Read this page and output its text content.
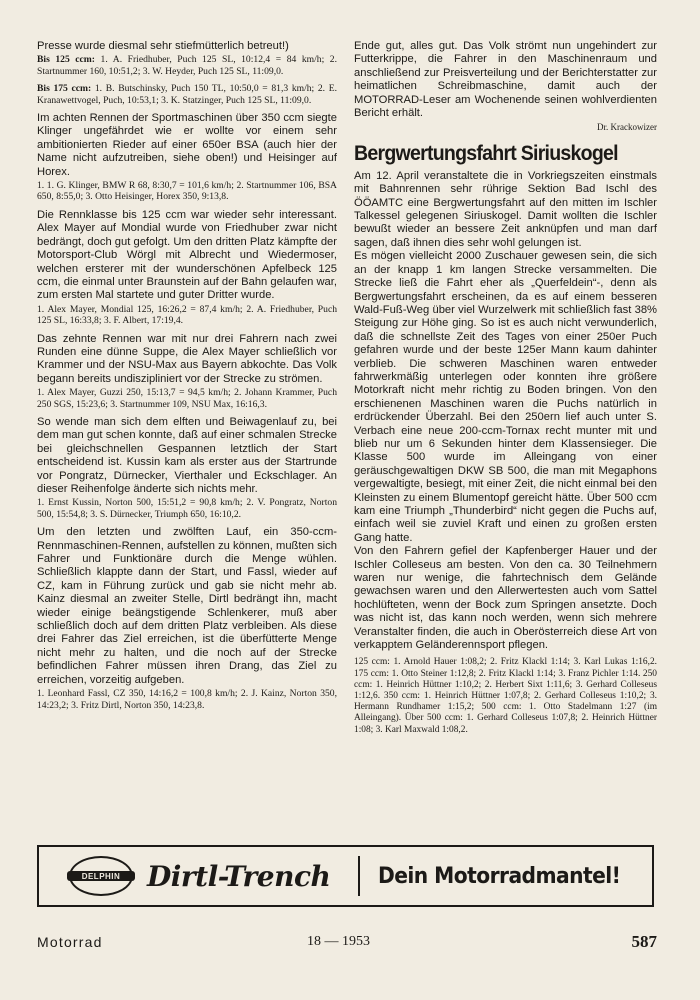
Presse wurde diesmal sehr stiefmütterlich betreut!)

Bis 125 ccm: 1. A. Friedhuber, Puch 125 SL, 10:12,4 = 84 km/h; 2. Startnummer 160, 10:51,2; 3. W. Heyder, Puch 125 SL, 11:09,0.

Bis 175 ccm: 1. B. Butschinsky, Puch 150 TL, 10:50,0 = 81,3 km/h; 2. E. Kranawettvogel, Puch, 10:53,1; 3. K. Statzinger, Puch 125 SL, 11:09,0.

Im achten Rennen der Sportmaschinen über 350 ccm siegte Klinger ungefährdet wie er wollte vor einem sehr ambitionierten Rieder auf einer 650er BSA (auch hier der Name nicht aufzutreiben, siehe oben!) und Heisinger auf Horex.

1. 1. G. Klinger, BMW R 68, 8:30,7 = 101,6 km/h; 2. Startnummer 106, BSA 650, 8:55,0; 3. Otto Heisinger, Horex 350, 9:13,8.

Die Rennklasse bis 125 ccm war wieder sehr interessant. Alex Mayer auf Mondial wurde von Friedhuber zwar nicht bedrängt, doch gut gefolgt. Um den dritten Platz kämpfte der Motorsport-Club Wörgl mit Albrecht und Wiedermoser, welchen ersterer mit der wunderschönen Apfelbeck 125 ccm, die einmal unter Braunstein auf der Bahn gelaufen war, zum ersten Mal startete und guter Dritter wurde.

1. Alex Mayer, Mondial 125, 16:26,2 = 87,4 km/h; 2. A. Friedhuber, Puch 125 SL, 16:33,8; 3. F. Albert, 17:19,4.

Das zehnte Rennen war mit nur drei Fahrern nach zwei Runden eine dünne Suppe, die Alex Mayer schließlich vor Krammer und der NSU-Max aus Bayern abkochte. Das Volk begann bereits undiszipliniert vor der Strecke zu strömen.

1. Alex Mayer, Guzzi 250, 15:13,7 = 94,5 km/h; 2. Johann Krammer, Puch 250 SGS, 15:23,6; 3. Startnummer 109, NSU Max, 16:16,3.

So wende man sich dem elften und Beiwagenlauf zu, bei dem man gut schen konnte, daß auf einer schmalen Strecke bei gleichschnellen Gespannen letztlich der Start entscheidend ist. Kussin kam als erster aus der Startrunde vor Pongratz, Dürnecker, Vierthaler und Eckschlager. An dieser Reihenfolge änderte sich nichts mehr.

1. Ernst Kussin, Norton 500, 15:51,2 = 90,8 km/h; 2. V. Pongratz, Norton 500, 15:54,8; 3. S. Dürnecker, Triumph 650, 16:10,2.

Um den letzten und zwölften Lauf, ein 350-ccm-Rennmaschinen-Rennen, aufstellen zu können, mußten sich Fahrer und Funktionäre durch die Menge wühlen. Schließlich klappte dann der Start, und Fassl, wieder auf CZ, kam in Führung zurück und gab sie nicht mehr ab. Kainz diesmal an zweiter Stelle, Dirtl bedrängt ihn, macht wieder einige beängstigende Schlenkerer, muß aber schließlich doch auf dem dritten Platz verbleiben. Als diese drei Fahrer das Ziel erreichen, ist die überfütterte Menge nicht mehr zu halten, und die noch auf der Strecke befindlichen Fahrer müssen ihren Drang, das Ziel zu erreichen, vorzeitig aufgeben.

1. Leonhard Fassl, CZ 350, 14:16,2 = 100,8 km/h; 2. J. Kainz, Norton 350, 14:23,2; 3. Fritz Dirtl, Norton 350, 14:23,8.

Ende gut, alles gut. Das Volk strömt nun ungehindert zur Futterkrippe, die Fahrer in den Maschinenraum und anschließend zur Preisverteilung und der Berichterstatter zur heimatlichen Schreibmaschine, damit auch der MOTORRAD-Leser am Wochenende seinen wohlverdienten Bericht erhält.

Dr. Krackowizer

Bergwertungsfahrt Siriuskogel

Am 12. April veranstaltete die in Vorkriegszeiten einstmals mit Bahnrennen sehr rührige Sektion Bad Ischl des ÖÖAMTC eine Bergwertungsfahrt auf den mitten im Ischler Talkessel gelegenen Siriuskogel. Damit wollten die Ischler bewußt wieder an bessere Zeit anknüpfen und man darf sagen, daß ihnen dies sehr wohl gelungen ist.

Es mögen vielleicht 2000 Zuschauer gewesen sein, die sich an der knapp 1 km langen Strecke versammelten. Die Strecke ließ die Fahrt eher als „Querfeldein“-, denn als Bergwertungsfahrt erscheinen, da es auf einem besseren Wald-Fuß-Weg über viel Wurzelwerk mit schließlich fast 38% Steigung zur Höhe ging. So ist es auch nicht verwunderlich, daß die schnellste Zeit des Tages von einer 250er Puch gefahren wurde und der beste 125er Mann kaum dahinter verblieb. Die schweren Maschinen waren entweder fahrwerkmäßig unterlegen oder konnten ihre größere Motorkraft nicht mehr richtig zu Boden bringen. Von den erschienenen Maschinen waren die Puchs natürlich in erdrückender Überzahl. Bei den 250ern lief auch unter S. Verbach eine neue 200-ccm-Tornax recht munter mit und blieb nur um 6 Sekunden hinter dem Klassensieger. Die Klasse 500 wurde im Alleingang von einer geräuschgewaltigen DKW SB 500, die man mit Megaphons vergewaltigte, besiegt, mit einer Zeit, die nicht einmal bei den Kleinsten zu einem Blumentopf gereicht hätte. Über 500 ccm kam eine Triumph „Thunderbird“ nicht gegen die Puchs auf, einfach weil sie zuviel Kraft und einen zu großen ersten Gang hatte.

Von den Fahrern gefiel der Kapfenberger Hauer und der Ischler Colleseus am besten. Von den ca. 30 Teilnehmern waren nur wenige, die fahrtechnisch dem Gelände gewachsen waren und den Allerwertesten auch vom Sattel hochlüfteten, wenn der Bock zum Springen ansetzte. Doch was nicht ist, das kann noch werden, wenn sich mehrere Veranstalter finden, die auch in Oberösterreich diese Art von verkapptem Geländerennsport pflegen.

125 ccm: 1. Arnold Hauer 1:08,2; 2. Fritz Klackl 1:14; 3. Karl Lukas 1:16,2. 175 ccm: 1. Otto Steiner 1:12,8; 2. Fritz Klackl 1:14; 3. Franz Pichler 1:14. 250 ccm: 1. Heinrich Hüttner 1:10,2; 2. Herbert Sixt 1:11,6; 3. Gerhard Colleseus 1:12,6. 350 ccm: 1. Heinrich Hüttner 1:07,8; 2. Gerhard Colleseus 1:10,2; 3. Hermann Rundhamer 1:15,2; 500 ccm: 1. Otto Stadelmann 1:27 (im Alleingang). Über 500 ccm: 1. Gerhard Colleseus 1:07,8; 2. Heinrich Hüttner 1:08; 3. Karl Maxwald 1:08,2.

DELPHIN Dirtl-Trench Dein Motorradmantel!
Motorrad	18 — 1953	587
